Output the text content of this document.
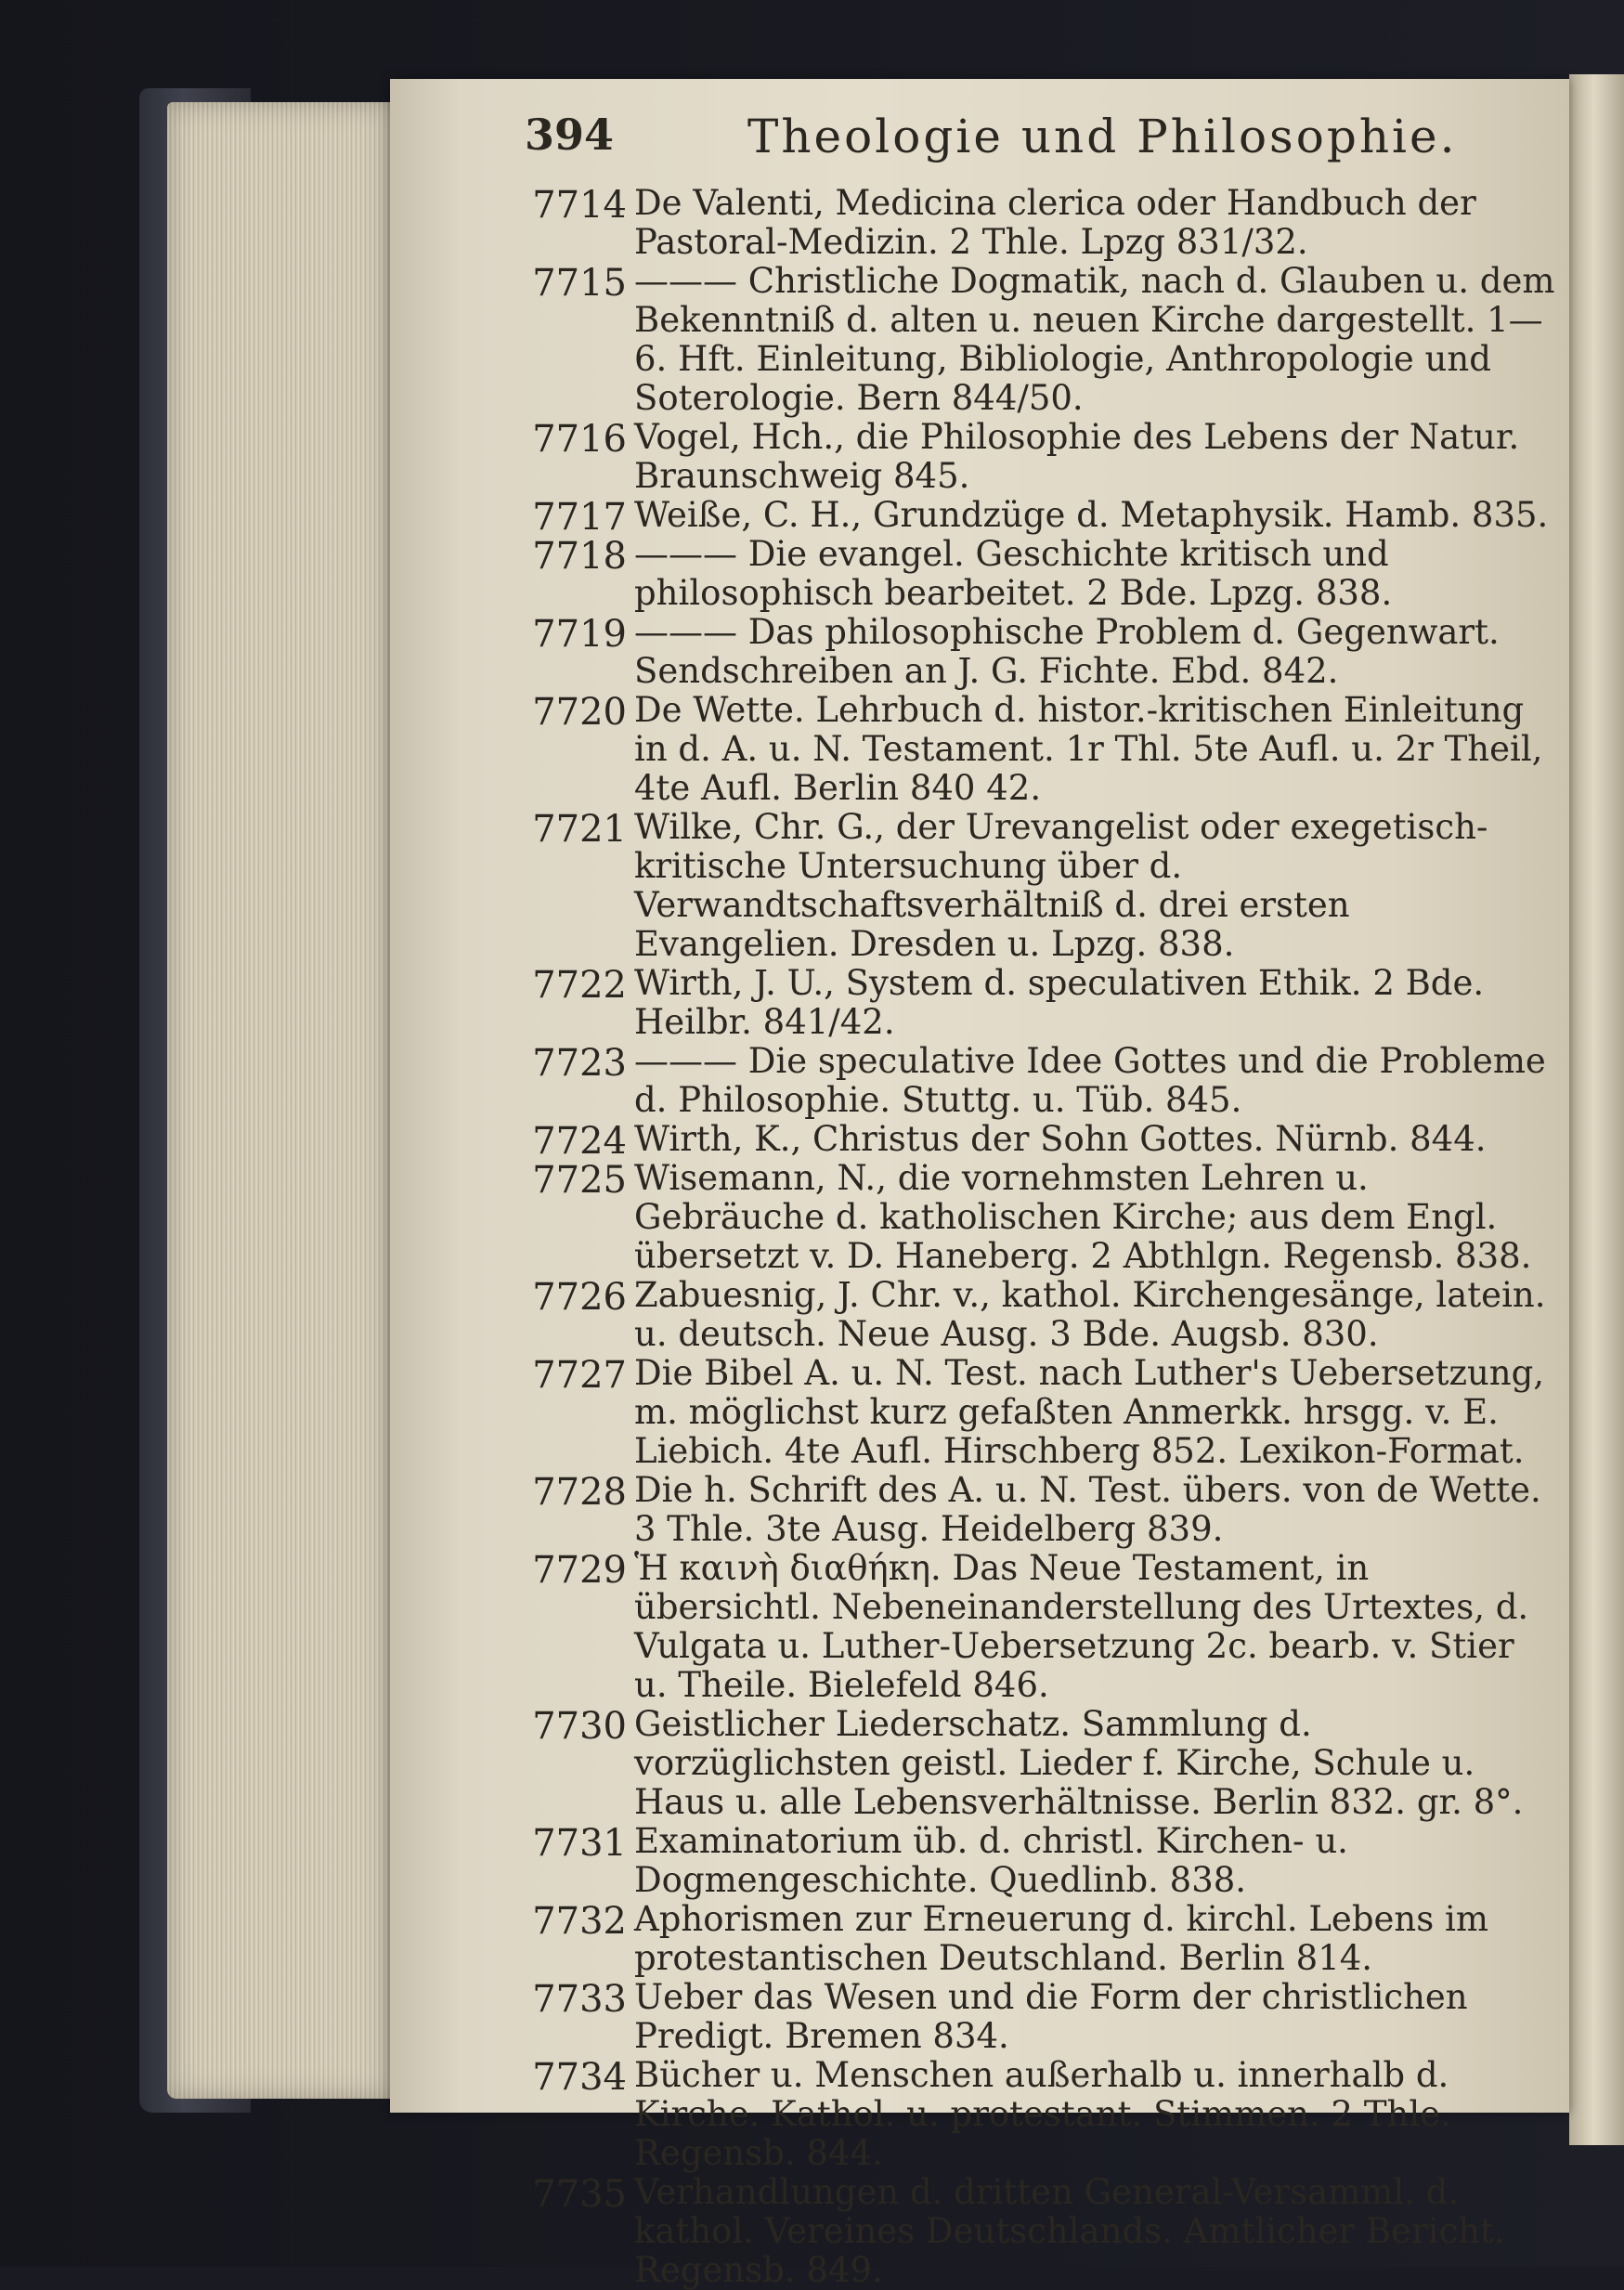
394	Theologie und Philosophie.
7714 De Valenti, Medicina clerica oder Handbuch der Pastoral-Medizin. 2 Thle. Lpzg 831/32.
7715 ——— Christliche Dogmatik, nach d. Glauben u. dem Bekenntniß d. alten u. neuen Kirche dargestellt. 1—6. Hft. Einleitung, Bibliologie, Anthropologie und Soterologie. Bern 844/50.
7716 Vogel, Hch., die Philosophie des Lebens der Natur. Braunschweig 845.
7717 Weiße, C. H., Grundzüge d. Metaphysik. Hamb. 835.
7718 ——— Die evangel. Geschichte kritisch und philosophisch bearbeitet. 2 Bde. Lpzg. 838.
7719 ——— Das philosophische Problem d. Gegenwart. Sendschreiben an J. G. Fichte. Ebd. 842.
7720 De Wette. Lehrbuch d. histor.-kritischen Einleitung in d. A. u. N. Testament. 1r Thl. 5te Aufl. u. 2r Theil, 4te Aufl. Berlin 840 42.
7721 Wilke, Chr. G., der Urevangelist oder exegetisch-kritische Untersuchung über d. Verwandtschaftsverhältniß d. drei ersten Evangelien. Dresden u. Lpzg. 838.
7722 Wirth, J. U., System d. speculativen Ethik. 2 Bde. Heilbr. 841/42.
7723 ——— Die speculative Idee Gottes und die Probleme d. Philosophie. Stuttg. u. Tüb. 845.
7724 Wirth, K., Christus der Sohn Gottes. Nürnb. 844.
7725 Wisemann, N., die vornehmsten Lehren u. Gebräuche d. katholischen Kirche; aus dem Engl. übersetzt v. D. Haneberg. 2 Abthlgn. Regensb. 838.
7726 Zabuesnig, J. Chr. v., kathol. Kirchengesänge, latein. u. deutsch. Neue Ausg. 3 Bde. Augsb. 830.
7727 Die Bibel A. u. N. Test. nach Luther's Uebersetzung, m. möglichst kurz gefaßten Anmerkk. hrsgg. v. E. Liebich. 4te Aufl. Hirschberg 852. Lexikon-Format.
7728 Die h. Schrift des A. u. N. Test. übers. von de Wette. 3 Thle. 3te Ausg. Heidelberg 839.
7729 Ἡ καινὴ διαθήκη. Das Neue Testament, in übersichtl. Nebeneinanderstellung des Urtextes, d. Vulgata u. Luther-Uebersetzung 2c. bearb. v. Stier u. Theile. Bielefeld 846.
7730 Geistlicher Liederschatz. Sammlung d. vorzüglichsten geistl. Lieder f. Kirche, Schule u. Haus u. alle Lebensverhältnisse. Berlin 832. gr. 8°.
7731 Examinatorium üb. d. christl. Kirchen- u. Dogmengeschichte. Quedlinb. 838.
7732 Aphorismen zur Erneuerung d. kirchl. Lebens im protestantischen Deutschland. Berlin 814.
7733 Ueber das Wesen und die Form der christlichen Predigt. Bremen 834.
7734 Bücher u. Menschen außerhalb u. innerhalb d. Kirche. Kathol. u. protestant. Stimmen. 2 Thle. Regensb. 844.
7735 Verhandlungen d. dritten General-Versamml. d. kathol. Vereines Deutschlands. Amtlicher Bericht. Regensb. 849.
